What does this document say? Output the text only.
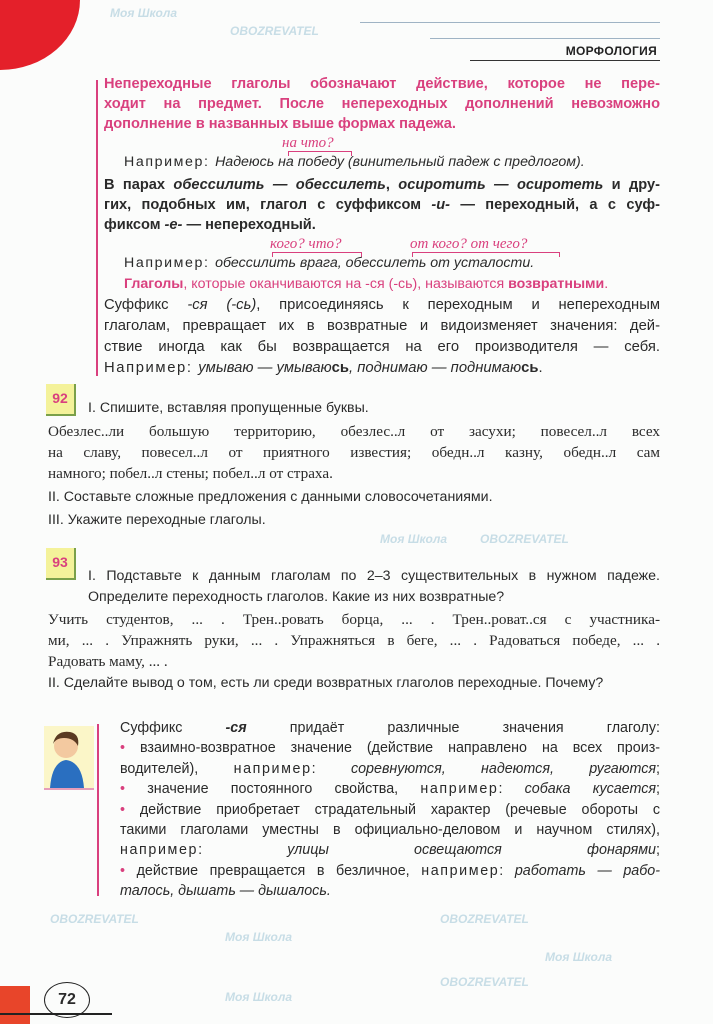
МОРФОЛОГИЯ
Моя Школа
OBOZREVATEL
Моя Школа	OBOZREVATEL
OBOZREVATEL
Моя Школа
OBOZREVATEL
Моя Школа
OBOZREVATEL
Моя Школа
Непереходные глаголы обозначают действие, которое не пере-
ходит на предмет. После непереходных дополнений невозможно
дополнение в названных выше формах падежа.
на что?
Например: Надеюсь на победу (винительный падеж с предлогом).
В парах обессилить — обессилеть, осиротить — осиротеть и дру-
гих, подобных им, глагол с суффиксом -и- — переходный, а с суф-
фиксом -е- — непереходный.
кого? что?	от кого? от чего?
Например: обессилить врага, обессилеть от усталости.
Глаголы, которые оканчиваются на -ся (-сь), называются возвратными.
Суффикс -ся (-сь), присоединяясь к переходным и непереходным
глаголам, превращает их в возвратные и видоизменяет значения: дей-
ствие иногда как бы возвращается на его производителя — себя.
Например: умываю — умываюсь, поднимаю — поднимаюсь.
92
I. Спишите, вставляя пропущенные буквы.
Обезлес..ли большую территорию, обезлес..л от засухи; повесел..л всех
на славу, повесел..л от приятного известия; обедн..л казну, обедн..л сам
намного; побел..л стены; побел..л от страха.
II. Составьте сложные предложения с данными словосочетаниями.
III. Укажите переходные глаголы.
93
I. Подставьте к данным глаголам по 2–3 существительных в нужном падеже.
Определите переходность глаголов. Какие из них возвратные?
Учить студентов, ... . Трен..ровать борца, ... . Трен..роват..ся с участника-
ми, ... . Упражнять руки, ... . Упражняться в беге, ... . Радоваться победе, ... .
Радовать маму, ... .
II. Сделайте вывод о том, есть ли среди возвратных глаголов переходные. Почему?
Суффикс -ся придаёт различные значения глаголу:
• взаимно-возвратное значение (действие направлено на всех произ-
водителей), например: соревнуются, надеются, ругаются;
• значение постоянного свойства, например: собака кусается;
• действие приобретает страдательный характер (речевые обороты с
такими глаголами уместны в официально-деловом и научном стилях),
например: улицы освещаются фонарями;
• действие превращается в безличное, например: работать — рабо-
талось, дышать — дышалось.
72
